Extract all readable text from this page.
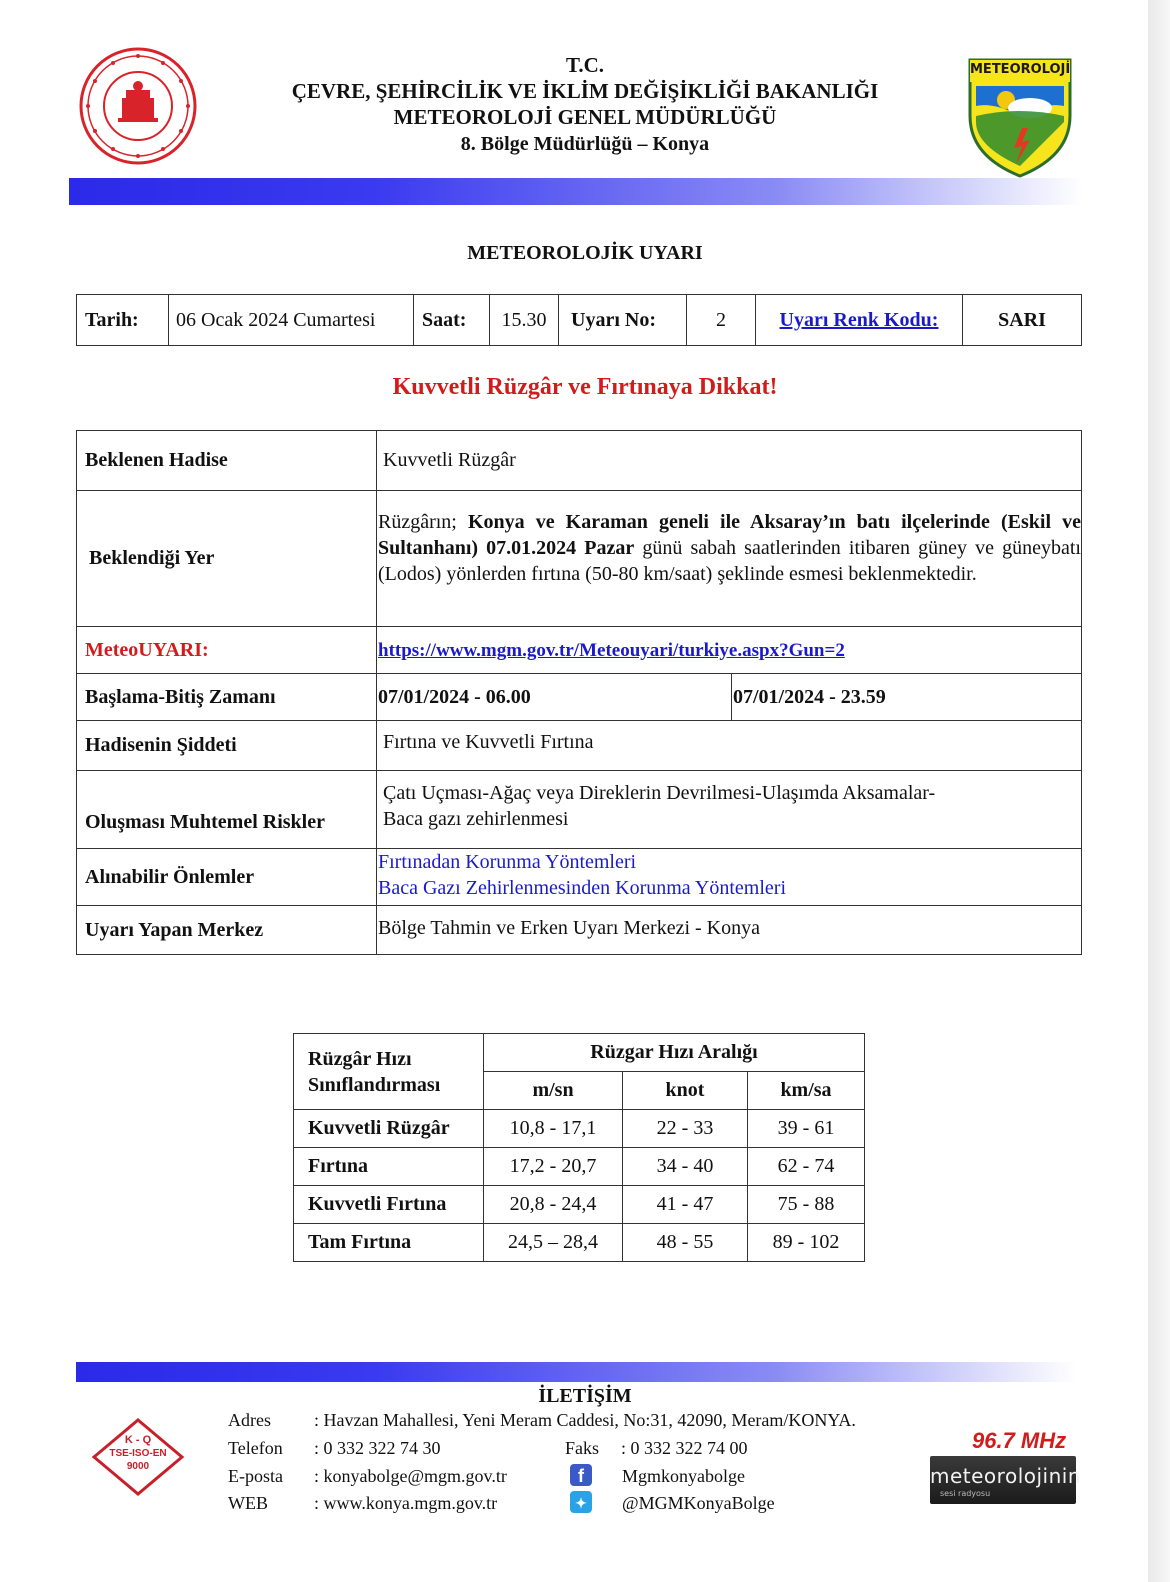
T.C.
ÇEVRE, ŞEHİRCİLİK VE İKLİM DEĞİŞİKLİĞİ BAKANLIĞI
METEOROLOJİ GENEL MÜDÜRLÜĞÜ
8. Bölge Müdürlüğü – Konya
METEOROLOJİ
METEOROLOJİK UYARI
Tarih:	06 Ocak 2024 Cumartesi	Saat:	15.30	Uyarı No:	2	Uyarı Renk Kodu:	SARI
Kuvvetli Rüzgâr ve Fırtınaya Dikkat!
Beklenen Hadise	Kuvvetli Rüzgâr	
Beklendiği Yer	Rüzgârın; Konya ve Karaman geneli ile Aksaray’ın batı ilçelerinde (Eskil ve Sultanhanı) 07.01.2024 Pazar günü sabah saatlerinden itibaren güney ve güneybatı (Lodos) yönlerden fırtına (50-80 km/saat) şeklinde esmesi beklenmektedir.	
MeteoUYARI:	https://www.mgm.gov.tr/Meteouyari/turkiye.aspx?Gun=2	
Başlama-Bitiş Zamanı	07/01/2024 - 06.00	07/01/2024 - 23.59
Hadisenin Şiddeti	Fırtına ve Kuvvetli Fırtına	
Oluşması Muhtemel Riskler	Çatı Uçması-Ağaç veya Direklerin Devrilmesi-Ulaşımda Aksamalar-
Baca gazı zehirlenmesi	

Alınabilir Önlemler	Fırtınadan Korunma Yöntemleri
Baca Gazı Zehirlenmesinden Korunma Yöntemleri	

Uyarı Yapan Merkez	Bölge Tahmin ve Erken Uyarı Merkezi - Konya	
Rüzgâr Hızı
Sınıflandırması	Rüzgar Hızı Aralığı		
	m/sn	knot	km/sa
Kuvvetli Rüzgâr	10,8 - 17,1	22 - 33	39 - 61
Fırtına	17,2 - 20,7	34 - 40	62 - 74
Kuvvetli Fırtına	20,8 - 24,4	41 - 47	75 - 88
Tam Fırtına	24,5 – 28,4	48 - 55	89 - 102
İLETİŞİM
Adres : Havzan Mahallesi, Yeni Meram Caddesi, No:31, 42090, Meram/KONYA.
Telefon : 0 332 322 74 30	Faks : 0 332 322 74 00
E-posta : konyabolge@mgm.gov.tr	f	Mgmkonyabolge
WEB	: www.konya.mgm.gov.tr	✦ @MGMKonyaBolge
K - Q
TSE-ISO-EN
9000
96.7 MHz
meteorolojinin
sesi radyosu
